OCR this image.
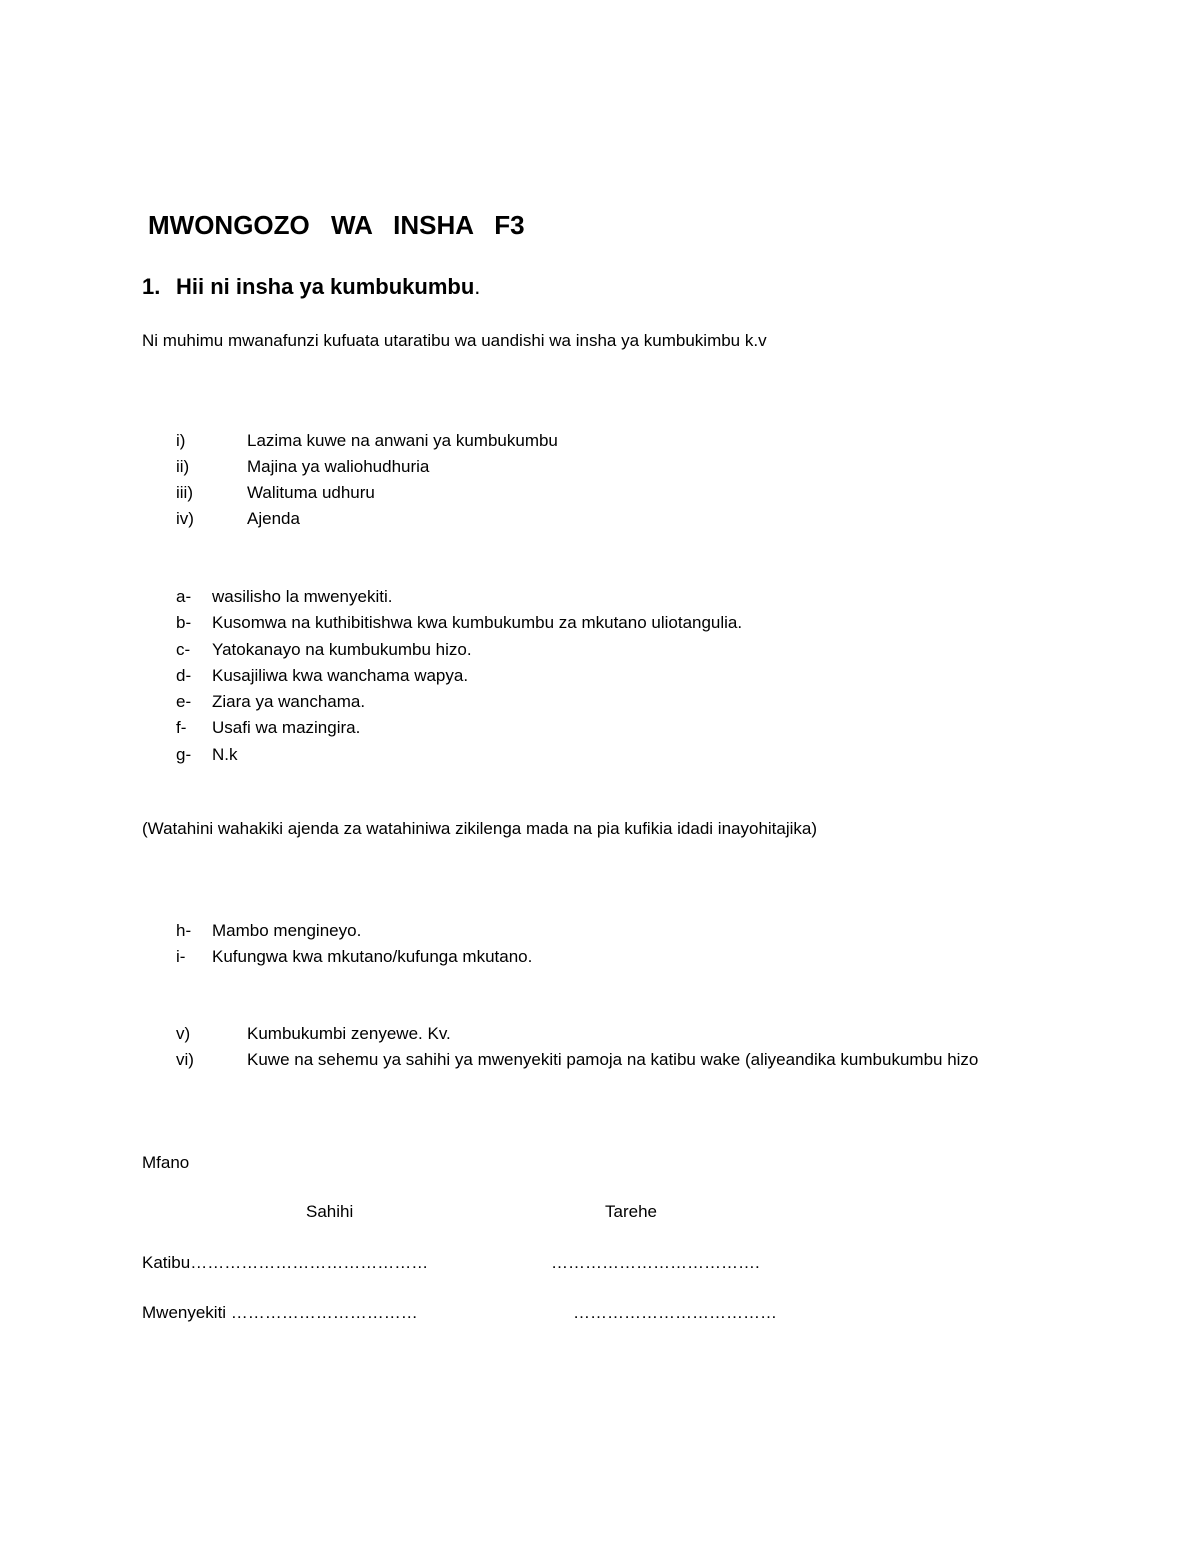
MWONGOZO WA INSHA F3
1. Hii ni insha ya kumbukumbu.
Ni muhimu mwanafunzi kufuata utaratibu wa uandishi wa insha ya kumbukimbu k.v
i)	Lazima kuwe na anwani ya kumbukumbu
ii)	Majina ya waliohudhuria
iii)	Walituma udhuru
iv)	Ajenda
a-	wasilisho la mwenyekiti.
b-	Kusomwa na kuthibitishwa kwa kumbukumbu za mkutano uliotangulia.
c-	Yatokanayo na kumbukumbu hizo.
d-	Kusajiliwa kwa wanchama wapya.
e-	Ziara ya wanchama.
f-	Usafi wa mazingira.
g-	N.k
(Watahini wahakiki ajenda za watahiniwa zikilenga mada na pia kufikia idadi inayohitajika)
h-	Mambo mengineyo.
i-	Kufungwa kwa mkutano/kufunga mkutano.
v)	Kumbukumbi zenyewe. Kv.
vi)	Kuwe na sehemu ya sahihi ya mwenyekiti pamoja na katibu wake (aliyeandika kumbukumbu hizo
Mfano
Sahihi	Tarehe
Katibu……………………………………	……………………………….
Mwenyekiti ……………………………	………………………………
